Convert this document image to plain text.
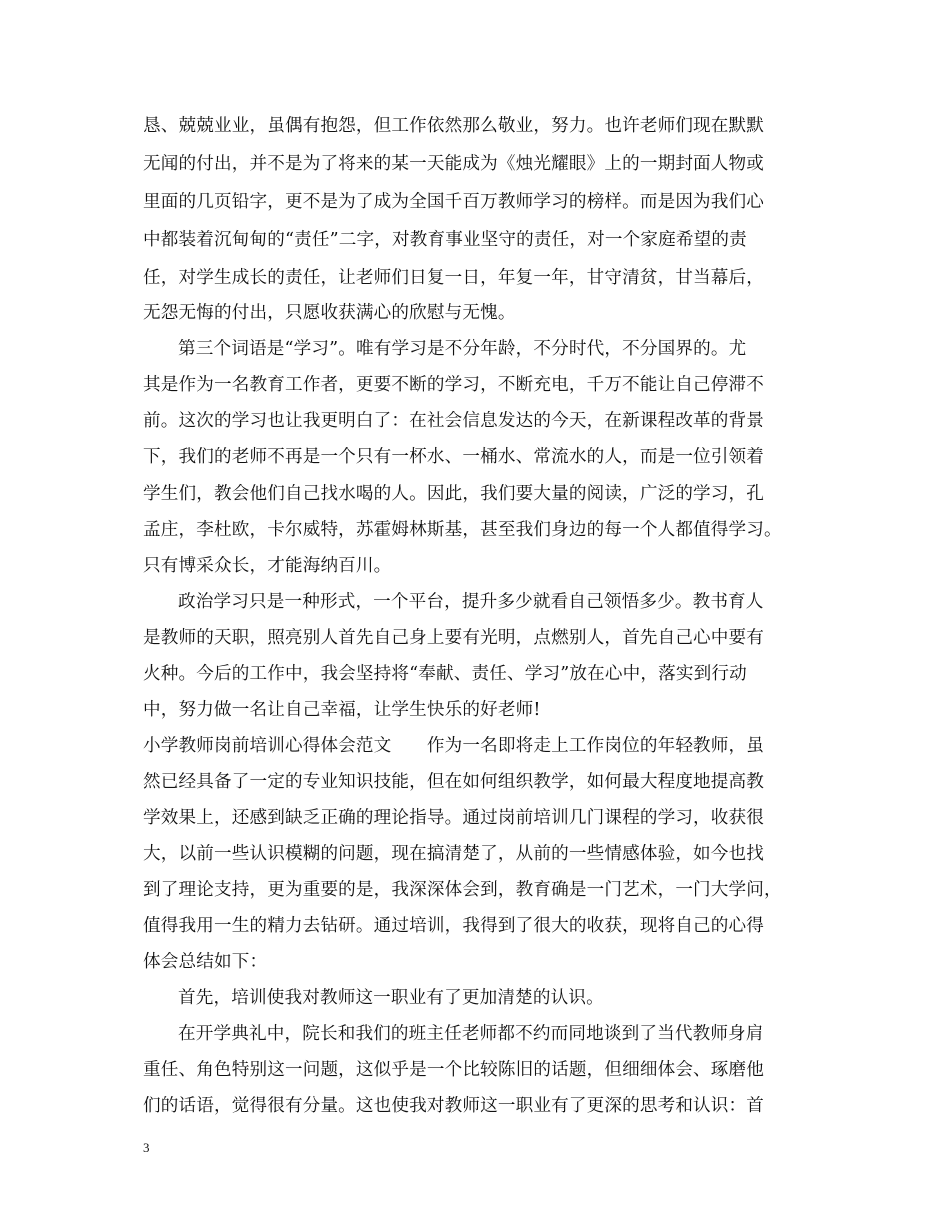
恳、兢兢业业，虽偶有抱怨，但工作依然那么敬业，努力。也许老师们现在默默
无闻的付出，并不是为了将来的某一天能成为《烛光耀眼》上的一期封面人物或
里面的几页铅字，更不是为了成为全国千百万教师学习的榜样。而是因为我们心
中都装着沉甸甸的“责任”二字，对教育事业坚守的责任，对一个家庭希望的责
任，对学生成长的责任，让老师们日复一日，年复一年，甘守清贫，甘当幕后，
无怨无悔的付出，只愿收获满心的欣慰与无愧。
第三个词语是“学习”。唯有学习是不分年龄，不分时代，不分国界的。尤
其是作为一名教育工作者，更要不断的学习，不断充电，千万不能让自己停滞不
前。这次的学习也让我更明白了：在社会信息发达的今天，在新课程改革的背景
下，我们的老师不再是一个只有一杯水、一桶水、常流水的人，而是一位引领着
学生们，教会他们自己找水喝的人。因此，我们要大量的阅读，广泛的学习，孔
孟庄，李杜欧，卡尔威特，苏霍姆林斯基，甚至我们身边的每一个人都值得学习。
只有博采众长，才能海纳百川。
政治学习只是一种形式，一个平台，提升多少就看自己领悟多少。教书育人
是教师的天职，照亮别人首先自己身上要有光明，点燃别人，首先自己心中要有
火种。今后的工作中，我会坚持将“奉献、责任、学习”放在心中，落实到行动
中，努力做一名让自己幸福，让学生快乐的好老师!
小学教师岗前培训心得体会范文　　作为一名即将走上工作岗位的年轻教师，虽
然已经具备了一定的专业知识技能，但在如何组织教学，如何最大程度地提高教
学效果上，还感到缺乏正确的理论指导。通过岗前培训几门课程的学习，收获很
大，以前一些认识模糊的问题，现在搞清楚了，从前的一些情感体验，如今也找
到了理论支持，更为重要的是，我深深体会到，教育确是一门艺术，一门大学问，
值得我用一生的精力去钻研。通过培训，我得到了很大的收获，现将自己的心得
体会总结如下：
首先，培训使我对教师这一职业有了更加清楚的认识。
在开学典礼中，院长和我们的班主任老师都不约而同地谈到了当代教师身肩
重任、角色特别这一问题，这似乎是一个比较陈旧的话题，但细细体会、琢磨他
们的话语，觉得很有分量。这也使我对教师这一职业有了更深的思考和认识：首
3
